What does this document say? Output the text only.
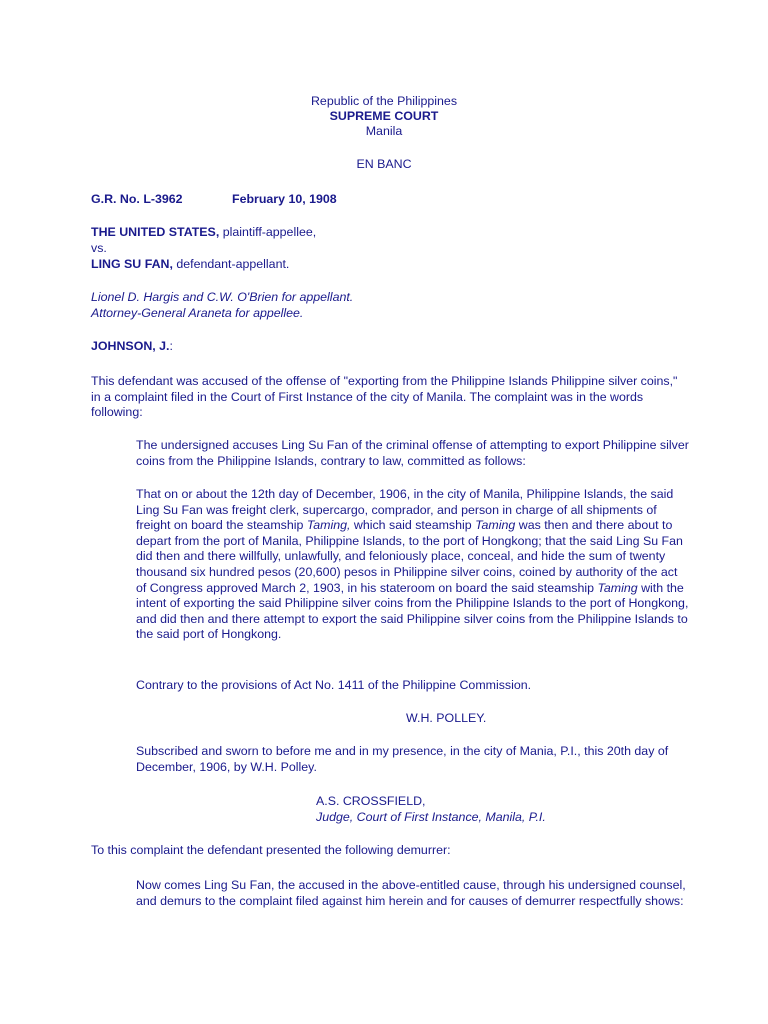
Republic of the Philippines
SUPREME COURT
Manila
EN BANC
G.R. No. L-3962	February 10, 1908
THE UNITED STATES, plaintiff-appellee,
vs.
LING SU FAN, defendant-appellant.
Lionel D. Hargis and C.W. O'Brien for appellant.
Attorney-General Araneta for appellee.
JOHNSON, J.:

This defendant was accused of the offense of "exporting from the Philippine Islands Philippine silver coins," in a complaint filed in the Court of First Instance of the city of Manila. The complaint was in the words following:

The undersigned accuses Ling Su Fan of the criminal offense of attempting to export Philippine silver coins from the Philippine Islands, contrary to law, committed as follows:

That on or about the 12th day of December, 1906, in the city of Manila, Philippine Islands, the said Ling Su Fan was freight clerk, supercargo, comprador, and person in charge of all shipments of freight on board the steamship Taming, which said steamship Taming was then and there about to depart from the port of Manila, Philippine Islands, to the port of Hongkong; that the said Ling Su Fan did then and there willfully, unlawfully, and feloniously place, conceal, and hide the sum of twenty thousand six hundred pesos (20,600) pesos in Philippine silver coins, coined by authority of the act of Congress approved March 2, 1903, in his stateroom on board the said steamship Taming with the intent of exporting the said Philippine silver coins from the Philippine Islands to the port of Hongkong, and did then and there attempt to export the said Philippine silver coins from the Philippine Islands to the said port of Hongkong.

Contrary to the provisions of Act No. 1411 of the Philippine Commission.

W.H. POLLEY.

Subscribed and sworn to before me and in my presence, in the city of Mania, P.I., this 20th day of December, 1906, by W.H. Polley.

A.S. CROSSFIELD,
Judge, Court of First Instance, Manila, P.I.

To this complaint the defendant presented the following demurrer:

Now comes Ling Su Fan, the accused in the above-entitled cause, through his undersigned counsel, and demurs to the complaint filed against him herein and for causes of demurrer respectfully shows:
